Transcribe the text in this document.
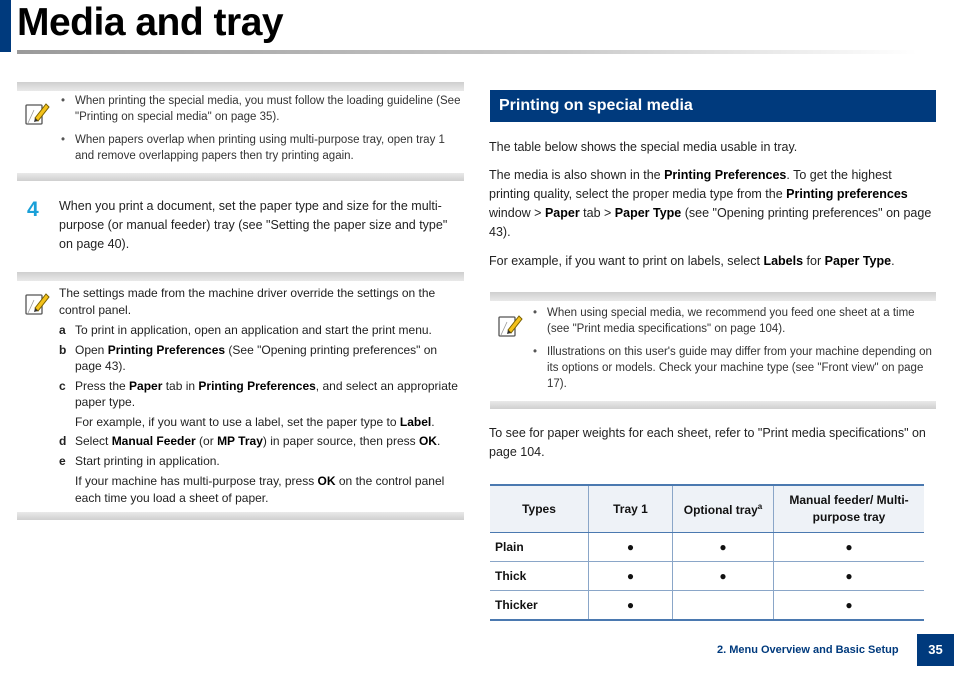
Media and tray
• When printing the special media, you must follow the loading guideline (See "Printing on special media" on page 35).
• When papers overlap when printing using multi-purpose tray, open tray 1 and remove overlapping papers then try printing again.
4 When you print a document, set the paper type and size for the multi-purpose (or manual feeder) tray (see "Setting the paper size and type" on page 40).
The settings made from the machine driver override the settings on the control panel.
a To print in application, open an application and start the print menu.
b Open Printing Preferences (See "Opening printing preferences" on page 43).
c Press the Paper tab in Printing Preferences, and select an appropriate paper type.
For example, if you want to use a label, set the paper type to Label.
d Select Manual Feeder (or MP Tray) in paper source, then press OK.
e Start printing in application.
If your machine has multi-purpose tray, press OK on the control panel each time you load a sheet of paper.
Printing on special media
The table below shows the special media usable in tray.
The media is also shown in the Printing Preferences. To get the highest printing quality, select the proper media type from the Printing preferences window > Paper tab > Paper Type (see "Opening printing preferences" on page 43).
For example, if you want to print on labels, select Labels for Paper Type.
• When using special media, we recommend you feed one sheet at a time (see "Print media specifications" on page 104).
• Illustrations on this user's guide may differ from your machine depending on its options or models. Check your machine type (see "Front view" on page 17).
To see for paper weights for each sheet, refer to "Print media specifications" on page 104.
Types	Tray 1	Optional tray$^a$	Manual feeder/ Multi-purpose tray
Plain	●	●	●
Thick	●	●	●
Thicker	●		●
2. Menu Overview and Basic Setup	35
